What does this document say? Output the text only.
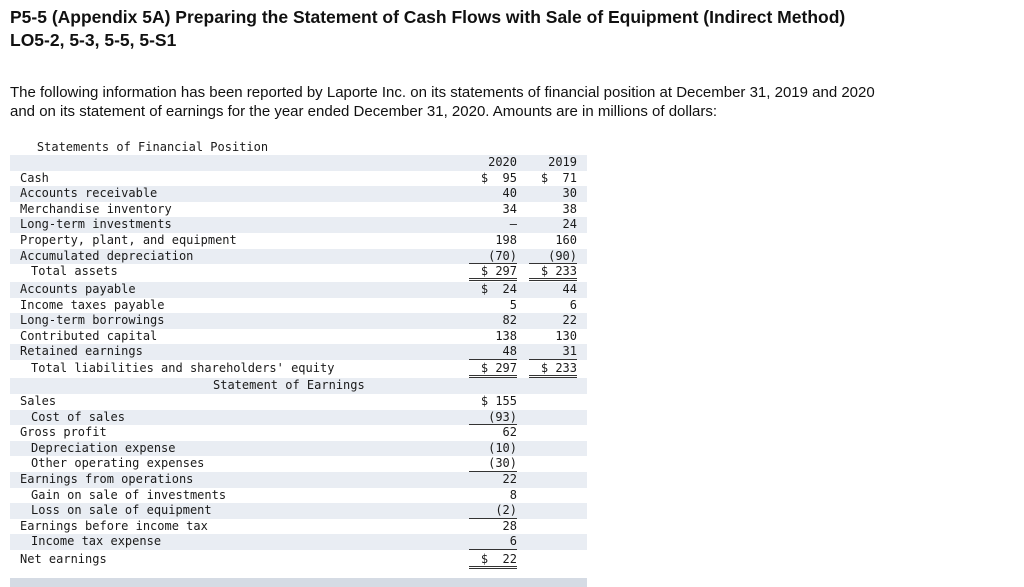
P5-5 (Appendix 5A) Preparing the Statement of Cash Flows with Sale of Equipment (Indirect Method)
LO5-2, 5-3, 5-5, 5-S1
The following information has been reported by Laporte Inc. on its statements of financial position at December 31, 2019 and 2020
and on its statement of earnings for the year ended December 31, 2020. Amounts are in millions of dollars:
Statements of Financial Position
2020	2019
Cash	$  95	$  71
Accounts receivable	40	30
Merchandise inventory	34	38
Long-term investments	–	24
Property, plant, and equipment	198	160
Accumulated depreciation	(70)	(90)
Total assets	$ 297	$ 233
Accounts payable	$  24	44
Income taxes payable	5	6
Long-term borrowings	82	22
Contributed capital	138	130
Retained earnings	48	31
Total liabilities and shareholders' equity	$ 297	$ 233
Statement of Earnings
Sales	$ 155
Cost of sales	(93)
Gross profit	62
Depreciation expense	(10)
Other operating expenses	(30)
Earnings from operations	22
Gain on sale of investments	8
Loss on sale of equipment	(2)
Earnings before income tax	28
Income tax expense	6
Net earnings	$  22
